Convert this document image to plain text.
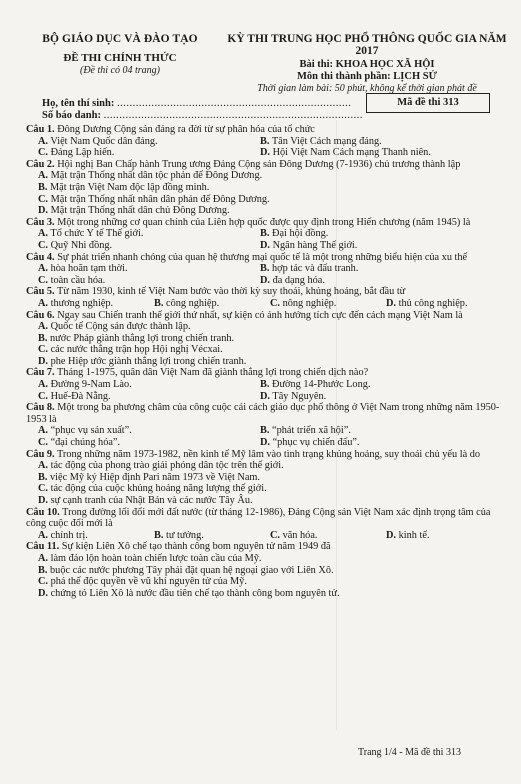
BỘ GIÁO DỤC VÀ ĐÀO TẠO
ĐỀ THI CHÍNH THỨC
(Đề thi có 04 trang)
KỲ THI TRUNG HỌC PHỔ THÔNG QUỐC GIA NĂM 2017
Bài thi: KHOA HỌC XÃ HỘI
Môn thi thành phần: LỊCH SỬ
Thời gian làm bài: 50 phút, không kể thời gian phát đề
Họ, tên thí sinh: ...........................................................................
Số báo danh: ...................................................................................
Mã đề thi 313
Câu 1. Đông Dương Cộng sản đảng ra đời từ sự phân hóa của tổ chức
A. Việt Nam Quốc dân đảng.	B. Tân Việt Cách mạng đảng.
C. Đảng Lập hiến.	D. Hội Việt Nam Cách mạng Thanh niên.
Câu 2. Hội nghị Ban Chấp hành Trung ương Đảng Cộng sản Đông Dương (7-1936) chủ trương thành lập
A. Mặt trận Thống nhất dân tộc phản đế Đông Dương.
B. Mặt trận Việt Nam độc lập đồng minh.
C. Mặt trận Thống nhất nhân dân phản đế Đông Dương.
D. Mặt trận Thống nhất dân chủ Đông Dương.
Câu 3. Một trong những cơ quan chính của Liên hợp quốc được quy định trong Hiến chương (năm 1945) là
A. Tổ chức Y tế Thế giới.	B. Đại hội đồng.
C. Quỹ Nhi đồng.	D. Ngân hàng Thế giới.
Câu 4. Sự phát triển nhanh chóng của quan hệ thương mại quốc tế là một trong những biểu hiện của xu thế
A. hòa hoãn tạm thời.	B. hợp tác và đấu tranh.
C. toàn cầu hóa.	D. đa dạng hóa.
Câu 5. Từ năm 1930, kinh tế Việt Nam bước vào thời kỳ suy thoái, khủng hoảng, bắt đầu từ
A. thương nghiệp.	B. công nghiệp.	C. nông nghiệp.	D. thủ công nghiệp.
Câu 6. Ngay sau Chiến tranh thế giới thứ nhất, sự kiện có ảnh hưởng tích cực đến cách mạng Việt Nam là
A. Quốc tế Cộng sản được thành lập.
B. nước Pháp giành thắng lợi trong chiến tranh.
C. các nước thắng trận họp Hội nghị Vécxai.
D. phe Hiệp ước giành thắng lợi trong chiến tranh.
Câu 7. Tháng 1-1975, quân dân Việt Nam đã giành thắng lợi trong chiến dịch nào?
A. Đường 9-Nam Lào.	B. Đường 14-Phước Long.
C. Huế-Đà Nẵng.	D. Tây Nguyên.
Câu 8. Một trong ba phương châm của công cuộc cải cách giáo dục phổ thông ở Việt Nam trong những năm 1950-1953 là
A. “phục vụ sản xuất”.	B. “phát triển xã hội”.
C. “đại chúng hóa”.	D. “phục vụ chiến đấu”.
Câu 9. Trong những năm 1973-1982, nền kinh tế Mỹ lâm vào tình trạng khủng hoảng, suy thoái chủ yếu là do
A. tác động của phong trào giải phóng dân tộc trên thế giới.
B. việc Mỹ ký Hiệp định Pari năm 1973 về Việt Nam.
C. tác động của cuộc khủng hoảng năng lượng thế giới.
D. sự cạnh tranh của Nhật Bản và các nước Tây Âu.
Câu 10. Trong đường lối đổi mới đất nước (từ tháng 12-1986), Đảng Cộng sản Việt Nam xác định trọng tâm của công cuộc đổi mới là
A. chính trị.	B. tư tưởng.	C. văn hóa.	D. kinh tế.
Câu 11. Sự kiện Liên Xô chế tạo thành công bom nguyên tử năm 1949 đã
A. làm đảo lộn hoàn toàn chiến lược toàn cầu của Mỹ.
B. buộc các nước phương Tây phải đặt quan hệ ngoại giao với Liên Xô.
C. phá thế độc quyền về vũ khí nguyên tử của Mỹ.
D. chứng tỏ Liên Xô là nước đầu tiên chế tạo thành công bom nguyên tử.
Trang 1/4 - Mã đề thi 313
